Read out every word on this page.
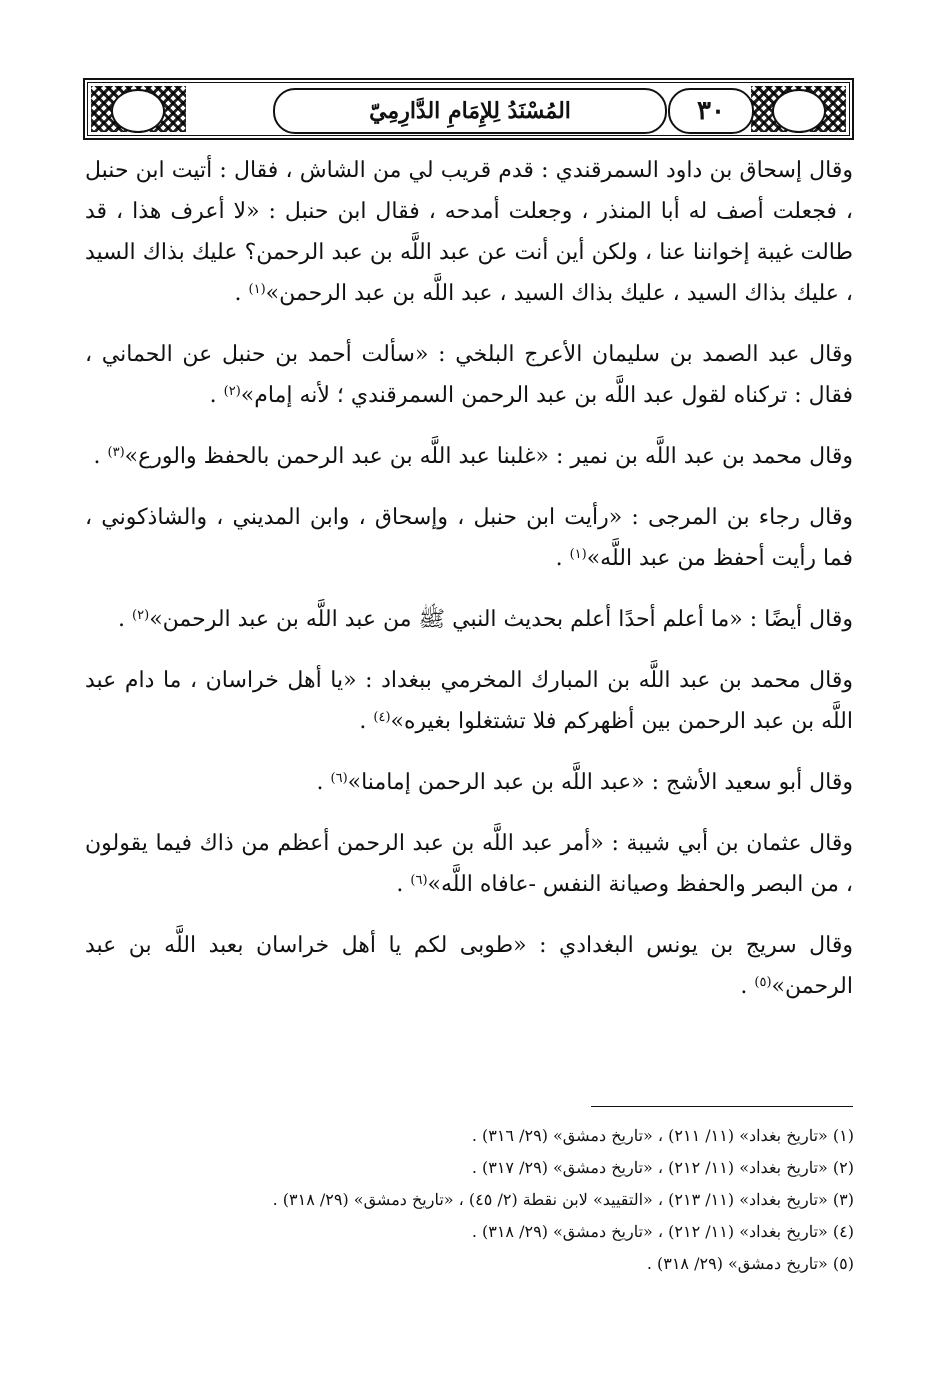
المُسْنَدُ لِلإِمَامِ الدَّارِمِيّ	٣٠

وقال إسحاق بن داود السمرقندي : قدم قريب لي من الشاش ، فقال : أتيت ابن حنبل ، فجعلت أصف له أبا المنذر ، وجعلت أمدحه ، فقال ابن حنبل : «لا أعرف هذا ، قد طالت غيبة إخواننا عنا ، ولكن أين أنت عن عبد اللَّه بن عبد الرحمن؟ عليك بذاك السيد ، عليك بذاك السيد ، عليك بذاك السيد ، عبد اللَّه بن عبد الرحمن»$^{(١)}$ .

وقال عبد الصمد بن سليمان الأعرج البلخي : «سألت أحمد بن حنبل عن الحماني ، فقال : تركناه لقول عبد اللَّه بن عبد الرحمن السمرقندي ؛ لأنه إمام»$^{(٢)}$ .

وقال محمد بن عبد اللَّه بن نمير : «غلبنا عبد اللَّه بن عبد الرحمن بالحفظ والورع»$^{(٣)}$ .

وقال رجاء بن المرجى : «رأيت ابن حنبل ، وإسحاق ، وابن المديني ، والشاذكوني ، فما رأيت أحفظ من عبد اللَّه»$^{(١)}$ .

وقال أيضًا : «ما أعلم أحدًا أعلم بحديث النبي ﷺ من عبد اللَّه بن عبد الرحمن»$^{(٢)}$ .

وقال محمد بن عبد اللَّه بن المبارك المخرمي ببغداد : «يا أهل خراسان ، ما دام عبد اللَّه بن عبد الرحمن بين أظهركم فلا تشتغلوا بغيره»$^{(٤)}$ .

وقال أبو سعيد الأشج : «عبد اللَّه بن عبد الرحمن إمامنا»$^{(٦)}$ .

وقال عثمان بن أبي شيبة : «أمر عبد اللَّه بن عبد الرحمن أعظم من ذاك فيما يقولون ، من البصر والحفظ وصيانة النفس -عافاه اللَّه»$^{(٦)}$ .

وقال سريج بن يونس البغدادي : «طوبى لكم يا أهل خراسان بعبد اللَّه بن عبد الرحمن»$^{(٥)}$ .

(١) «تاريخ بغداد» (١١/ ٢١١) ، «تاريخ دمشق» (٢٩/ ٣١٦) .
(٢) «تاريخ بغداد» (١١/ ٢١٢) ، «تاريخ دمشق» (٢٩/ ٣١٧) .
(٣) «تاريخ بغداد» (١١/ ٢١٣) ، «التقييد» لابن نقطة (٢/ ٤٥) ، «تاريخ دمشق» (٢٩/ ٣١٨) .
(٤) «تاريخ بغداد» (١١/ ٢١٢) ، «تاريخ دمشق» (٢٩/ ٣١٨) .
(٥) «تاريخ دمشق» (٢٩/ ٣١٨) .
